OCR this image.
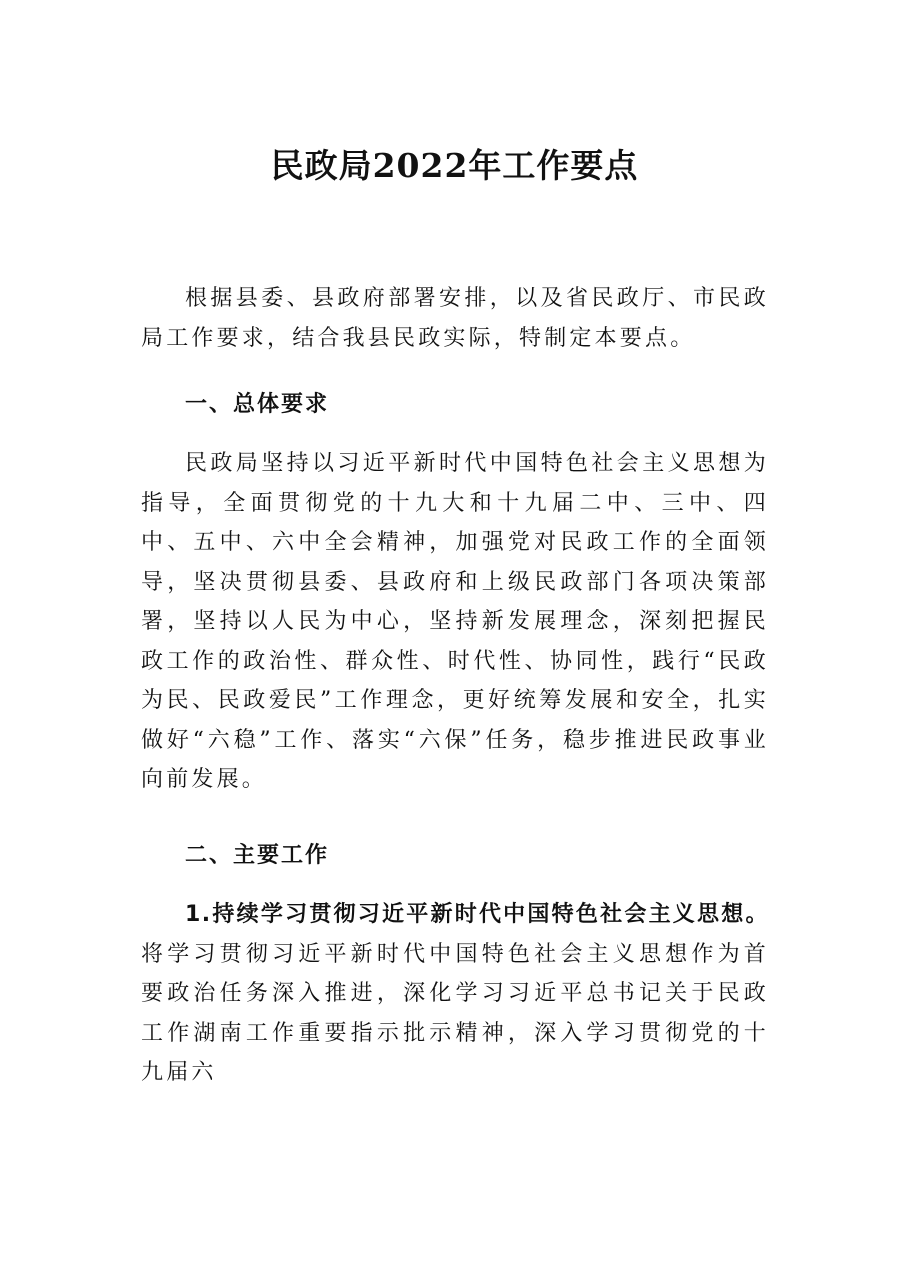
民政局2022年工作要点

根据县委、县政府部署安排，以及省民政厅、市民政局工作要求，结合我县民政实际，特制定本要点。

一、总体要求

民政局坚持以习近平新时代中国特色社会主义思想为指导，全面贯彻党的十九大和十九届二中、三中、四中、五中、六中全会精神，加强党对民政工作的全面领导，坚决贯彻县委、县政府和上级民政部门各项决策部署，坚持以人民为中心，坚持新发展理念，深刻把握民政工作的政治性、群众性、时代性、协同性，践行“民政为民、民政爱民”工作理念，更好统筹发展和安全，扎实做好“六稳”工作、落实“六保”任务，稳步推进民政事业向前发展。

二、主要工作

1.持续学习贯彻习近平新时代中国特色社会主义思想。将学习贯彻习近平新时代中国特色社会主义思想作为首要政治任务深入推进，深化学习习近平总书记关于民政工作湖南工作重要指示批示精神，深入学习贯彻党的十九届六
